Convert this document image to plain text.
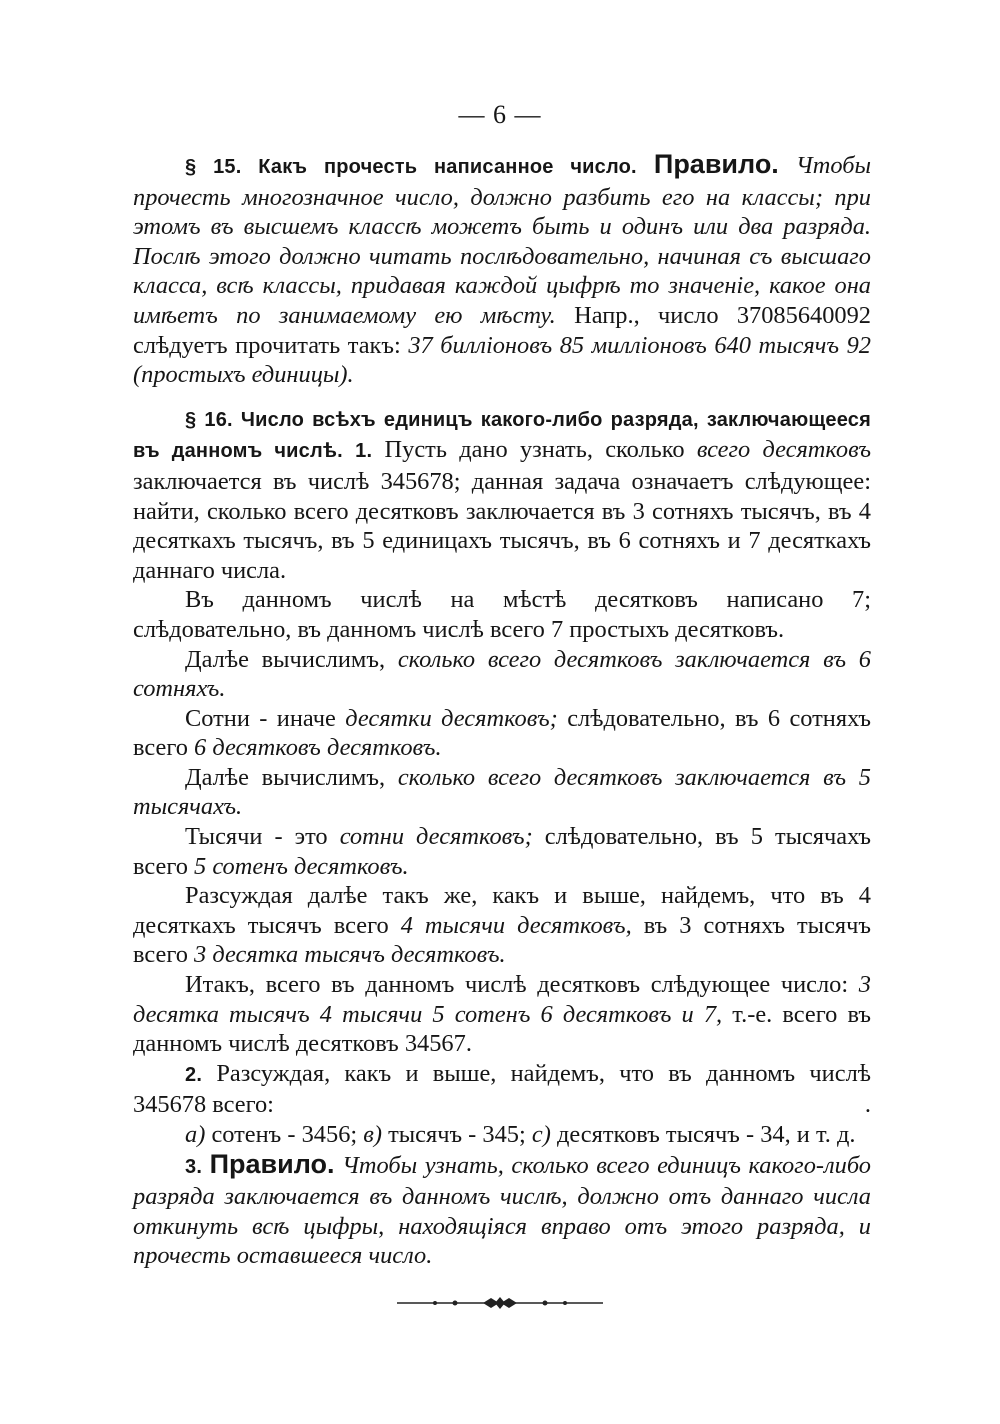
— 6 —

§ 15. Какъ прочесть написанное число. Правило. Чтобы прочесть многозначное число, должно разбить его на классы; при этомъ въ высшемъ классѣ можетъ быть и одинъ или два разряда. Послѣ этого должно читать послѣдовательно, начиная съ высшаго класса, всѣ классы, придавая каждой цыфрѣ то значеніе, какое она имѣетъ по занимаемому ею мѣсту. Напр., число 37085640092 слѣдуетъ прочитать такъ: 37 билліоновъ 85 милліоновъ 640 тысячъ 92 (простыхъ единицы).

§ 16. Число всѣхъ единицъ какого-либо разряда, заключающееся въ данномъ числѣ. 1. Пусть дано узнать, сколько всего десятковъ заключается въ числѣ 345678; данная задача означаетъ слѣдующее: найти, сколько всего десятковъ заключается въ 3 сотняхъ тысячъ, въ 4 десяткахъ тысячъ, въ 5 единицахъ тысячъ, въ 6 сотняхъ и 7 десяткахъ даннаго числа.

Въ данномъ числѣ на мѣстѣ десятковъ написано 7; слѣдовательно, въ данномъ числѣ всего 7 простыхъ десятковъ.

Далѣе вычислимъ, сколько всего десятковъ заключается въ 6 сотняхъ.

Сотни - иначе десятки десятковъ; слѣдовательно, въ 6 сотняхъ всего 6 десятковъ десятковъ.

Далѣе вычислимъ, сколько всего десятковъ заключается въ 5 тысячахъ.

Тысячи - это сотни десятковъ; слѣдовательно, въ 5 тысячахъ всего 5 сотенъ десятковъ.

Разсуждая далѣе такъ же, какъ и выше, найдемъ, что въ 4 десяткахъ тысячъ всего 4 тысячи десятковъ, въ 3 сотняхъ тысячъ всего 3 десятка тысячъ десятковъ.

Итакъ, всего въ данномъ числѣ десятковъ слѣдующее число: 3 десятка тысячъ 4 тысячи 5 сотенъ 6 десятковъ и 7, т.-е. всего въ данномъ числѣ десятковъ 34567.

2. Разсуждая, какъ и выше, найдемъ, что въ данномъ числѣ 345678 всего:	.

a) сотенъ - 3456; в) тысячъ - 345; c) десятковъ тысячъ - 34, и т. д.

3. Правило. Чтобы узнать, сколько всего единицъ какого-либо разряда заключается въ данномъ числѣ, должно отъ даннаго числа откинуть всѣ цыфры, находящіяся вправо отъ этого разряда, и прочесть оставшееся число.
